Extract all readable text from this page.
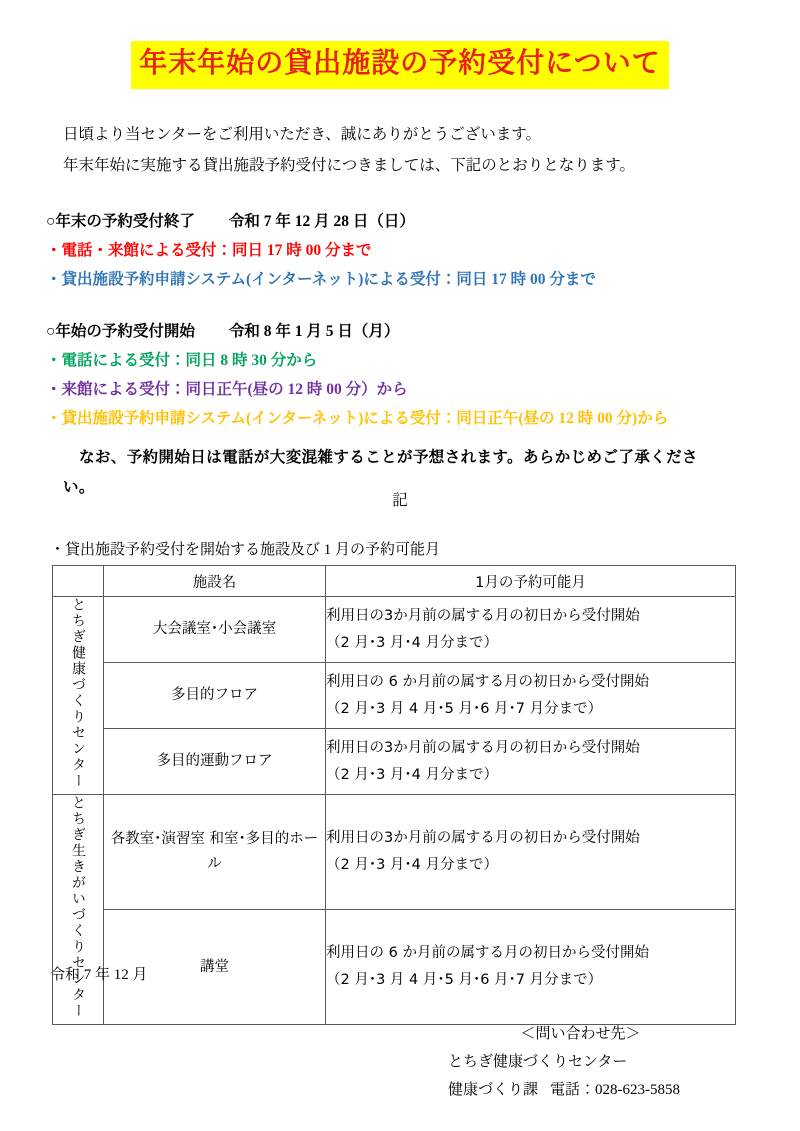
年末年始の貸出施設の予約受付について
日頃より当センターをご利用いただき、誠にありがとうございます。
年末年始に実施する貸出施設予約受付につきましては、下記のとおりとなります。
○年末の予約受付終了 令和 7 年 12 月 28 日（日）
・電話・来館による受付：同日 17 時 00 分まで
・貸出施設予約申請システム(インターネット)による受付：同日 17 時 00 分まで
○年始の予約受付開始 令和 8 年 1 月 5 日（月）
・電話による受付：同日 8 時 30 分から
・来館による受付：同日正午(昼の 12 時 00 分）から
・貸出施設予約申請システム(インターネット)による受付：同日正午(昼の 12 時 00 分)から
なお、予約開始日は電話が大変混雑することが予想されます。あらかじめご了承くださ
い。
記
・貸出施設予約受付を開始する施設及び 1 月の予約可能月
	施設名	1月の予約可能月
とちぎ健康づくりセンター	大会議室･小会議室	利用日の3か月前の属する月の初日から受付開始
（2 月･3 月･4 月分まで）

	多目的フロア	利用日の 6 か月前の属する月の初日から受付開始
（2 月･3 月 4 月･5 月･6 月･7 月分まで）

	多目的運動フロア	利用日の3か月前の属する月の初日から受付開始
（2 月･3 月･4 月分まで）

とちぎ生きがいづくりセンター	各教室･演習室 和室･多目的ホール	利用日の3か月前の属する月の初日から受付開始
（2 月･3 月･4 月分まで）

	講堂	利用日の 6 か月前の属する月の初日から受付開始
（2 月･3 月 4 月･5 月･6 月･7 月分まで）
令和 7 年 12 月
＜問い合わせ先＞
とちぎ健康づくりセンター
健康づくり課 電話：028-623-5858
